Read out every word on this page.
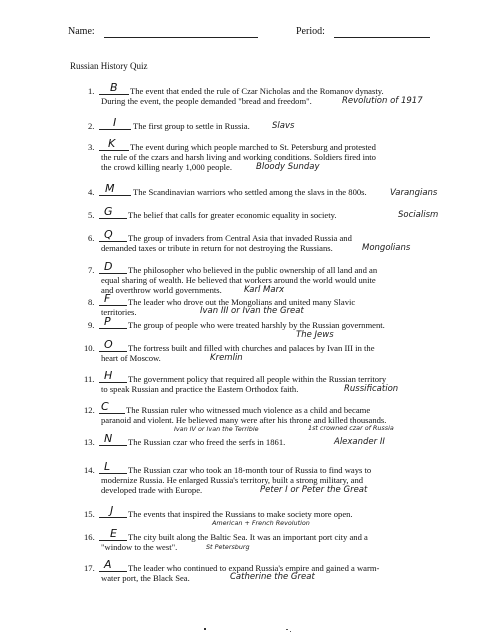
Name:	Period:
Russian History Quiz
1. B The event that ended the rule of Czar Nicholas and the Romanov dynasty.
During the event, the people demanded "bread and freedom".	Revolution of 1917
2. I The first group to settle in Russia.	Slavs
3. K The event during which people marched to St. Petersburg and protested
the rule of the czars and harsh living and working conditions. Soldiers fired into
the crowd killing nearly 1,000 people.	Bloody Sunday
4. M The Scandinavian warriors who settled among the slavs in the 800s.	Varangians
5. G The belief that calls for greater economic equality in society.	Socialism
6. Q The group of invaders from Central Asia that invaded Russia and
demanded taxes or tribute in return for not destroying the Russians.	Mongolians
7. D The philosopher who believed in the public ownership of all land and an
equal sharing of wealth. He believed that workers around the world would unite
and overthrow world governments.	Karl Marx
8. F The leader who drove out the Mongolians and united many Slavic
territories.	Ivan III or Ivan the Great
9. P The group of people who were treated harshly by the Russian government.
The Jews
10. O The fortress built and filled with churches and palaces by Ivan III in the
heart of Moscow.	Kremlin
11. H The government policy that required all people within the Russian territory
to speak Russian and practice the Eastern Orthodox faith.	Russification
12. C The Russian ruler who witnessed much violence as a child and became
paranoid and violent. He believed many were after his throne and killed thousands.
Ivan IV or Ivan the Terrible	1st crowned czar of Russia
13. N The Russian czar who freed the serfs in 1861.	Alexander II
14. L The Russian czar who took an 18-month tour of Russia to find ways to
modernize Russia. He enlarged Russia's territory, built a strong military, and
developed trade with Europe.	Peter I or Peter the Great
15. J The events that inspired the Russians to make society more open.
American + French Revolution
16. E The city built along the Baltic Sea. It was an important port city and a
"window to the west".	St Petersburg
17. A The leader who continued to expand Russia's empire and gained a warm-
water port, the Black Sea.	Catherine the Great
